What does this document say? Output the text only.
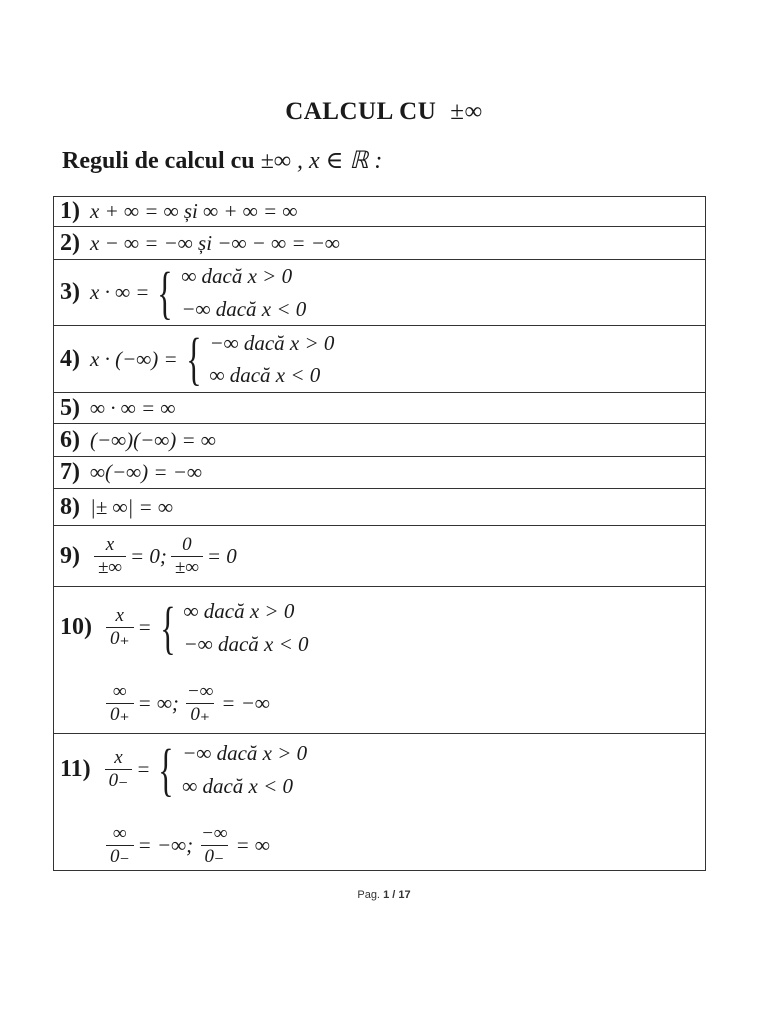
CALCUL CU ±∞
Reguli de calcul cu ±∞ , x ∈ ℝ :
1) x + ∞ = ∞ și ∞ + ∞ = ∞

2) x − ∞ = −∞ și −∞ − ∞ = −∞

3) x · ∞ = { ∞ dacă x > 0
−∞ dacă x < 0

4) x · (−∞) = { −∞ dacă x > 0
∞ dacă x < 0

5) ∞ · ∞ = ∞

6) (−∞)(−∞) = ∞

7) ∞(−∞) = −∞

8) |± ∞| = ∞

$9) \frac{x}{\pm\infty} = 0$; $\frac{0}{\pm\infty} = 0$

$10) \frac{x}{0_+}$ = { ∞ dacă x > 0
−∞ dacă x < 0
$\frac{\infty}{0_+}$ = ∞; $\frac{-\infty}{0_+}$ = −∞

$11) \frac{x}{0_-}$ = { −∞ dacă x > 0
∞ dacă x < 0
$\frac{\infty}{0_-}$ = −∞; $\frac{-\infty}{0_-}$ = ∞
Pag. 1 / 17
